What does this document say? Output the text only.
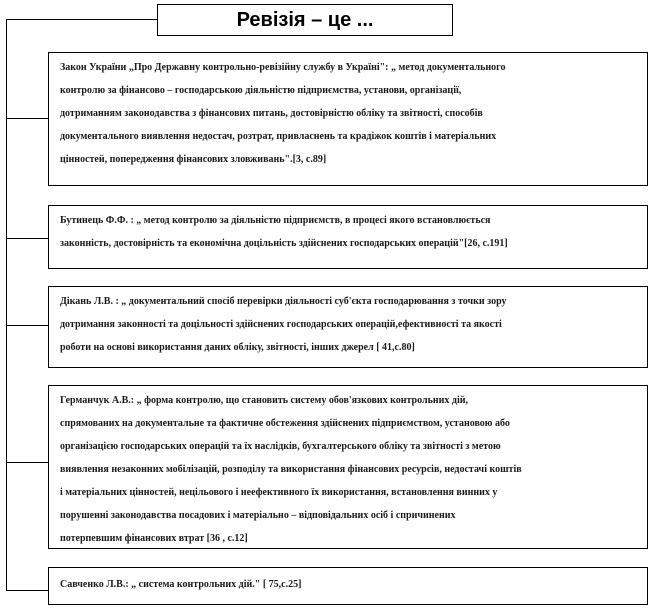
Ревізія – це ...

Закон України „Про Державну контрольно-ревізійну службу в Україні": „ метод документального
контролю за фінансово – господарською діяльністю підприємства, установи, організації,
дотриманням законодавства з фінансових питань, достовірністю обліку та звітності, способів
документального виявлення недостач, розтрат, привласнень та крадіжок коштів і матеріальних
цінностей, попередження фінансових зловживань".[3, с.89]

Бутинець Ф.Ф. : „ метод контролю за діяльністю підприємств, в процесі якого встановлюється
законність, достовірність та економічна доцільність здійснених господарських операцій"[26, с.191]

Дікань Л.В. : „ документальний спосіб перевірки діяльності суб'єкта господарювання з точки зору
дотримання законності та доцільності здійснених господарських операцій,ефективності та якості
роботи на основі використання даних обліку, звітності, інших джерел [ 41,с.80]

Германчук А.В.: „ форма контролю, що становить систему обов'язкових контрольних дій,
спрямованих на документальне та фактичне обстеження здійснених підприємством, установою або
організацією господарських операцій та їх наслідків, бухгалтерського обліку та звітності з метою
виявлення незаконних мобілізацій, розподілу та використання фінансових ресурсів, недостачі коштів
і матеріальних цінностей, нецільового і неефективного їх використання, встановлення винних у
порушенні законодавства посадових і матеріально – відповідальних осіб і спричинених
потерпевшим фінансових втрат [36 , с.12]

Савченко Л.В.: „ система контрольних дій." [ 75,с.25]
